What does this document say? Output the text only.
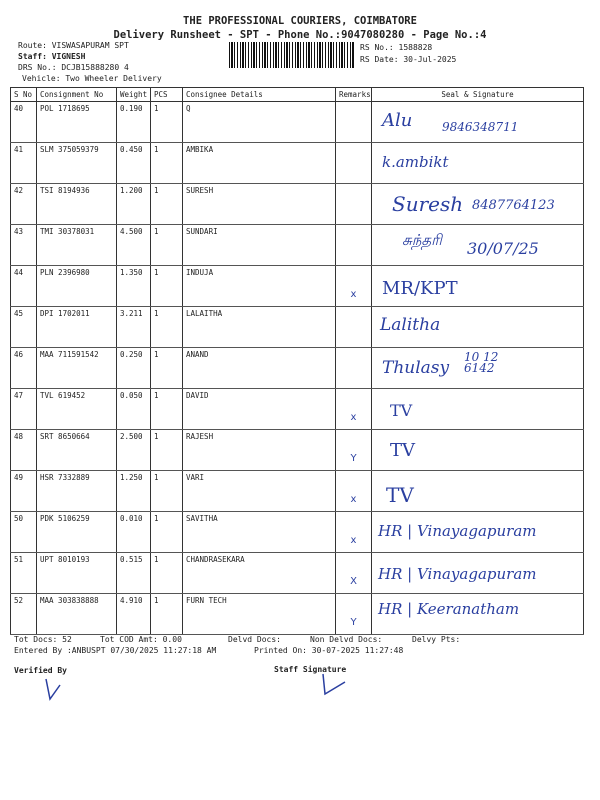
THE PROFESSIONAL COURIERS, COIMBATORE
Delivery Runsheet - SPT - Phone No.:9047080280 - Page No.:4
Route: VISWASAPURAM SPT
Staff: VIGNESH
DRS No.: DCJB15888280 4
Vehicle: Two Wheeler Delivery
RS No.: 1588828
RS Date: 30-Jul-2025
S No	Consignment No	Weight	PCS	Consignee Details	Remarks	Seal & Signature
40	POL 1718695	0.190	1	Q		Alu 9846348711

41	SLM 375059379	0.450	1	AMBIKA		k.ambikt

42	TSI 8194936	1.200	1	SURESH		Suresh 8487764123

43	TMI 30378031	4.500	1	SUNDARI		சுந்தரி 30/07/25

44	PLN 2396980	1.350	1	INDUJA	x	MR/KPT

45	DPI 1702011	3.211	1	LALAITHA		Lalitha

46	MAA 711591542	0.250	1	ANAND		Thulasy
10 12 6142

47	TVL 619452	0.050	1	DAVID	x	TV

48	SRT 8650664	2.500	1	RAJESH	Y	TV

49	HSR 7332889	1.250	1	VARI	x	TV

50	PDK 5106259	0.010	1	SAVITHA	x	HR | Vinayagapuram

51	UPT 8010193	0.515	1	CHANDRASEKARA	X	HR | Vinayagapuram

52	MAA 303838888	4.910	1	FURN TECH	Y	HR | Keeranatham
Tot Docs: 52	Tot COD Amt: 0.00	Delvd Docs:	Non Delvd Docs:	Delvy Pts:
Entered By :ANBUSPT 07/30/2025 11:27:18 AM	Printed On: 30-07-2025 11:27:48
Verified By	Staff Signature
